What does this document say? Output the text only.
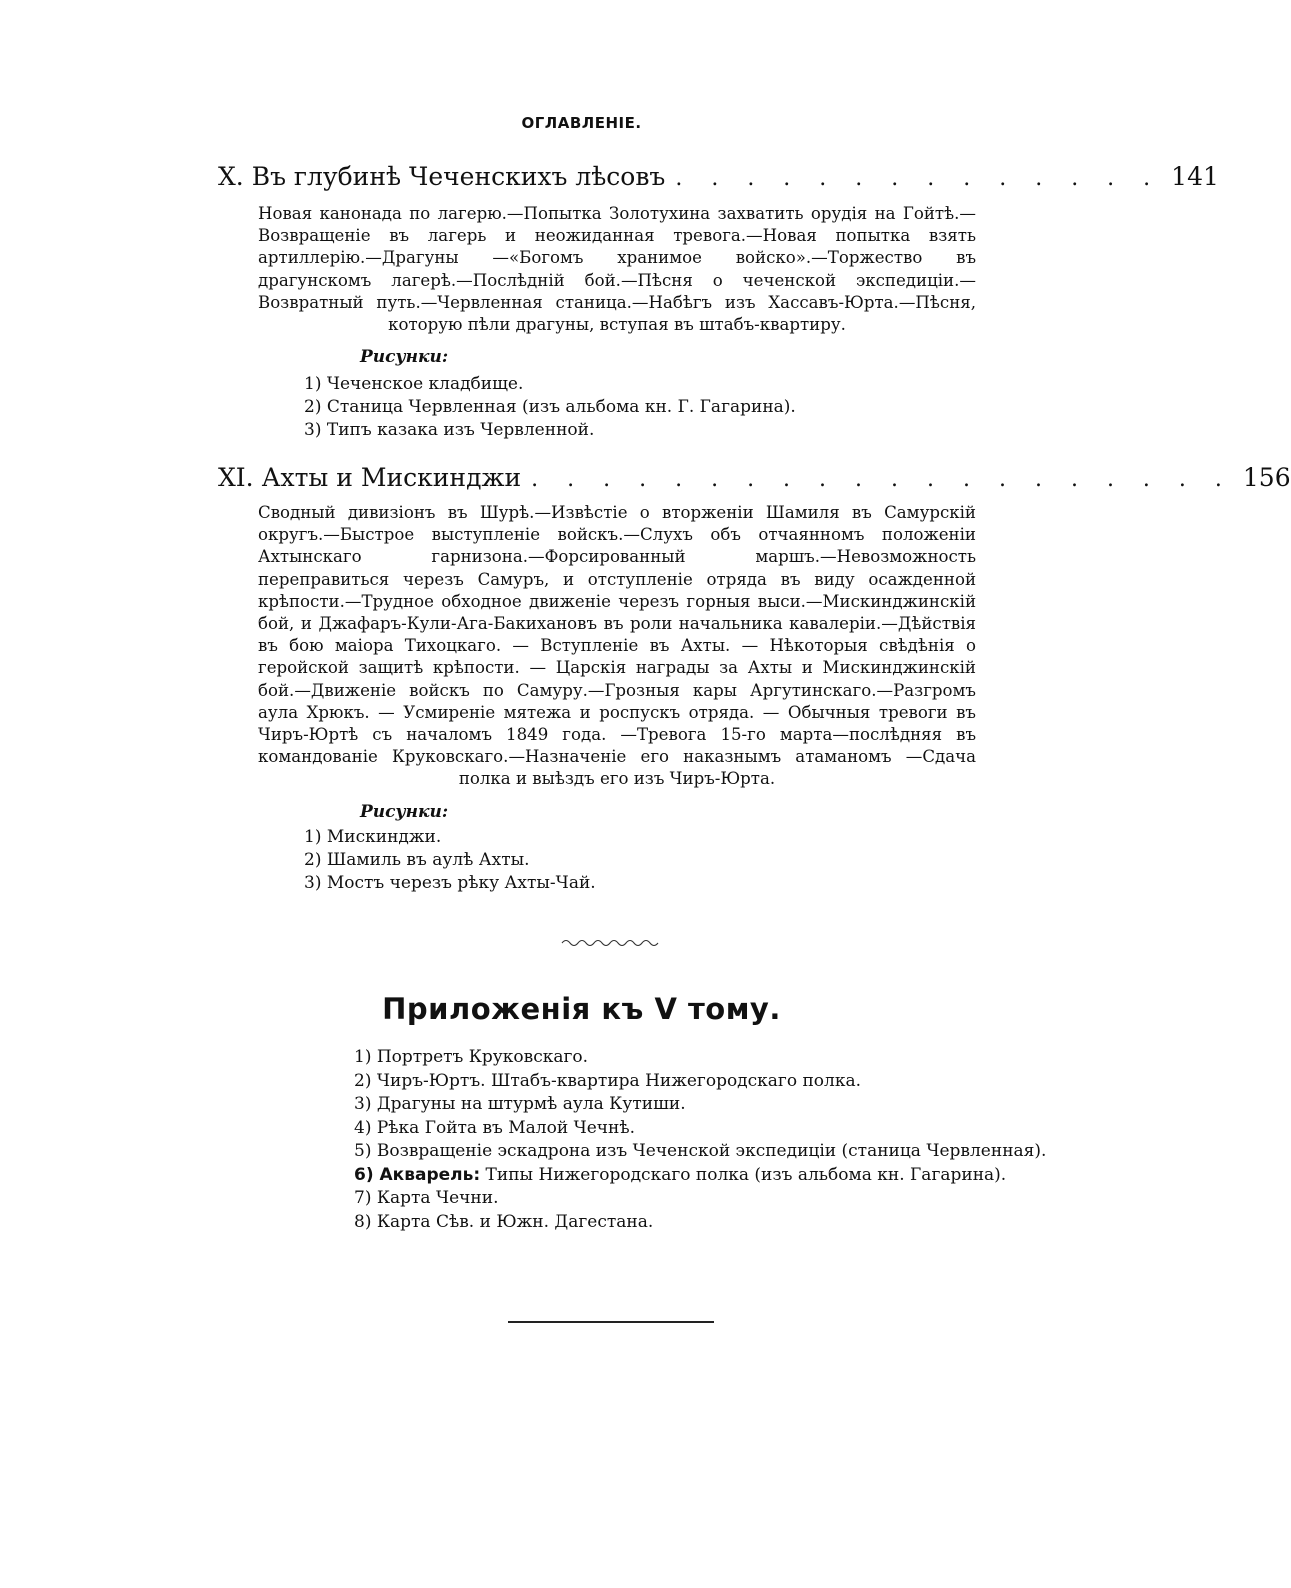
ОГЛАВЛЕНІЕ.
X. Въ глубинѣ Чеченскихъ лѣсовъ . . . . . . . . . . . . . . 141
Новая канонада по лагерю.—Попытка Золотухина захватить орудія на Гойтѣ.—Возвращеніе въ лагерь и неожиданная тревога.—Новая попытка взять артиллерію.—Драгуны —«Богомъ хранимое войско».—Торжество въ драгунскомъ лагерѣ.—Послѣдній бой.—Пѣсня о чеченской экспедиціи.—Возвратный путь.—Червленная станица.—Набѣгъ изъ Хассавъ-Юрта.—Пѣсня, которую пѣли драгуны, вступая въ штабъ-квартиру.
Рисунки:
1) Чеченское кладбище.
2) Станица Червленная (изъ альбома кн. Г. Гагарина).
3) Типъ казака изъ Червленной.
XI. Ахты и Мискинджи . . . . . . . . . . . . . . . . . . . . 156
Сводный дивизіонъ въ Шурѣ.—Извѣстіе о вторженіи Шамиля въ Самурскій округъ.—Быстрое выступленіе войскъ.—Слухъ объ отчаянномъ положеніи Ахтынскаго гарнизона.—Форсированный маршъ.—Невозможность переправиться черезъ Самуръ, и отступленіе отряда въ виду осажденной крѣпости.—Трудное обходное движеніе черезъ горныя выси.—Мискинджинскій бой, и Джафаръ-Кули-Ага-Бакихановъ въ роли начальника кавалеріи.—Дѣйствія въ бою маіора Тихоцкаго. — Вступленіе въ Ахты. — Нѣкоторыя свѣдѣнія о геройской защитѣ крѣпости. — Царскія награды за Ахты и Мискинджинскій бой.—Движеніе войскъ по Самуру.—Грозныя кары Аргутинскаго.—Разгромъ аула Хрюкъ. — Усмиреніе мятежа и роспускъ отряда. — Обычныя тревоги въ Чиръ-Юртѣ съ началомъ 1849 года. —Тревога 15-го марта—послѣдняя въ командованіе Круковскаго.—Назначеніе его наказнымъ атаманомъ —Сдача полка и выѣздъ его изъ Чиръ-Юрта.
Рисунки:
1) Мискинджи.
2) Шамиль въ аулѣ Ахты.
3) Мостъ черезъ рѣку Ахты-Чай.
Приложенія къ V тому.
1) Портретъ Круковскаго.
2) Чиръ-Юртъ. Штабъ-квартира Нижегородскаго полка.
3) Драгуны на штурмѣ аула Кутиши.
4) Рѣка Гойта въ Малой Чечнѣ.
5) Возвращеніе эскадрона изъ Чеченской экспедиціи (станица Червленная).
6) Акварель: Типы Нижегородскаго полка (изъ альбома кн. Гагарина).
7) Карта Чечни.
8) Карта Сѣв. и Южн. Дагестана.
